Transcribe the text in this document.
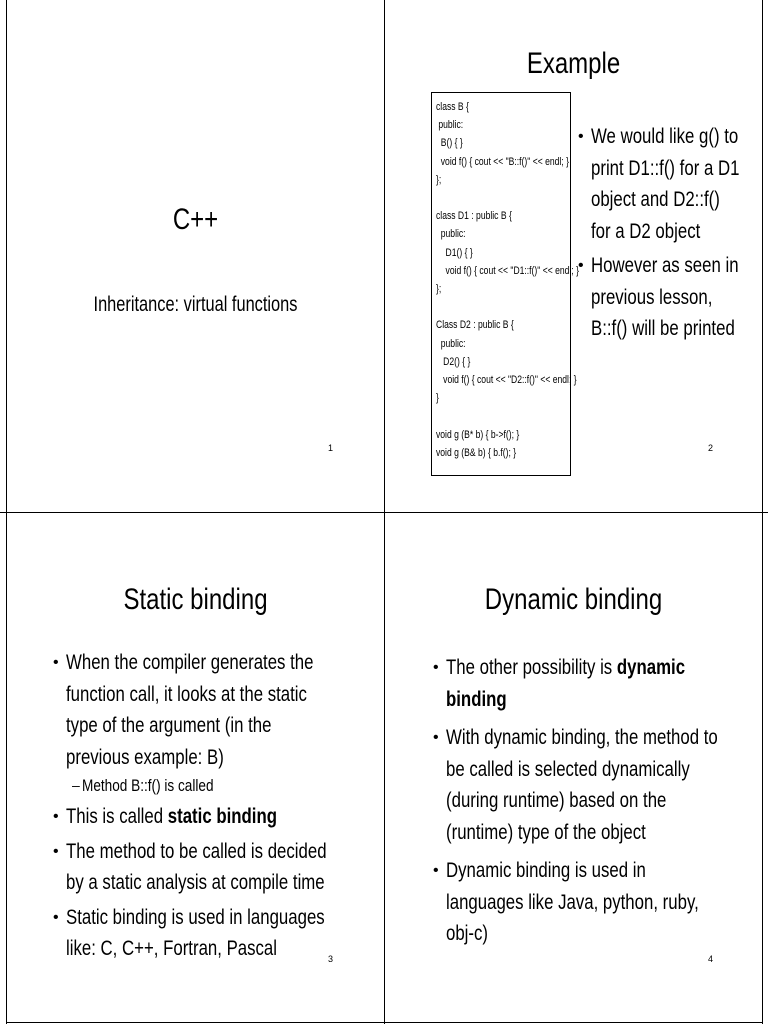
C++
Inheritance: virtual functions
1
Example
class B {
public:
B() { }
void f() { cout << "B::f()" << endl; }
};

class D1 : public B {
public:
D1() { }
void f() { cout << "D1::f()" << endl; }
};

Class D2 : public B {
public:
D2() { }
void f() { cout << "D2::f()" << endl; }
}

void g (B* b) { b->f(); }
void g (B& b) { b.f(); }
• We would like g() to print D1::f() for a D1 object and D2::f() for a D2 object
• However as seen in previous lesson, B::f() will be printed
2
Static binding
• When the compiler generates the function call, it looks at the static type of the argument (in the previous example: B)
– Method B::f() is called
• This is called static binding
• The method to be called is decided by a static analysis at compile time
• Static binding is used in languages like: C, C++, Fortran, Pascal	3
Dynamic binding
• The other possibility is dynamic binding
• With dynamic binding, the method to be called is selected dynamically (during runtime) based on the (runtime) type of the object
• Dynamic binding is used in languages like Java, python, ruby, obj-c)
4
